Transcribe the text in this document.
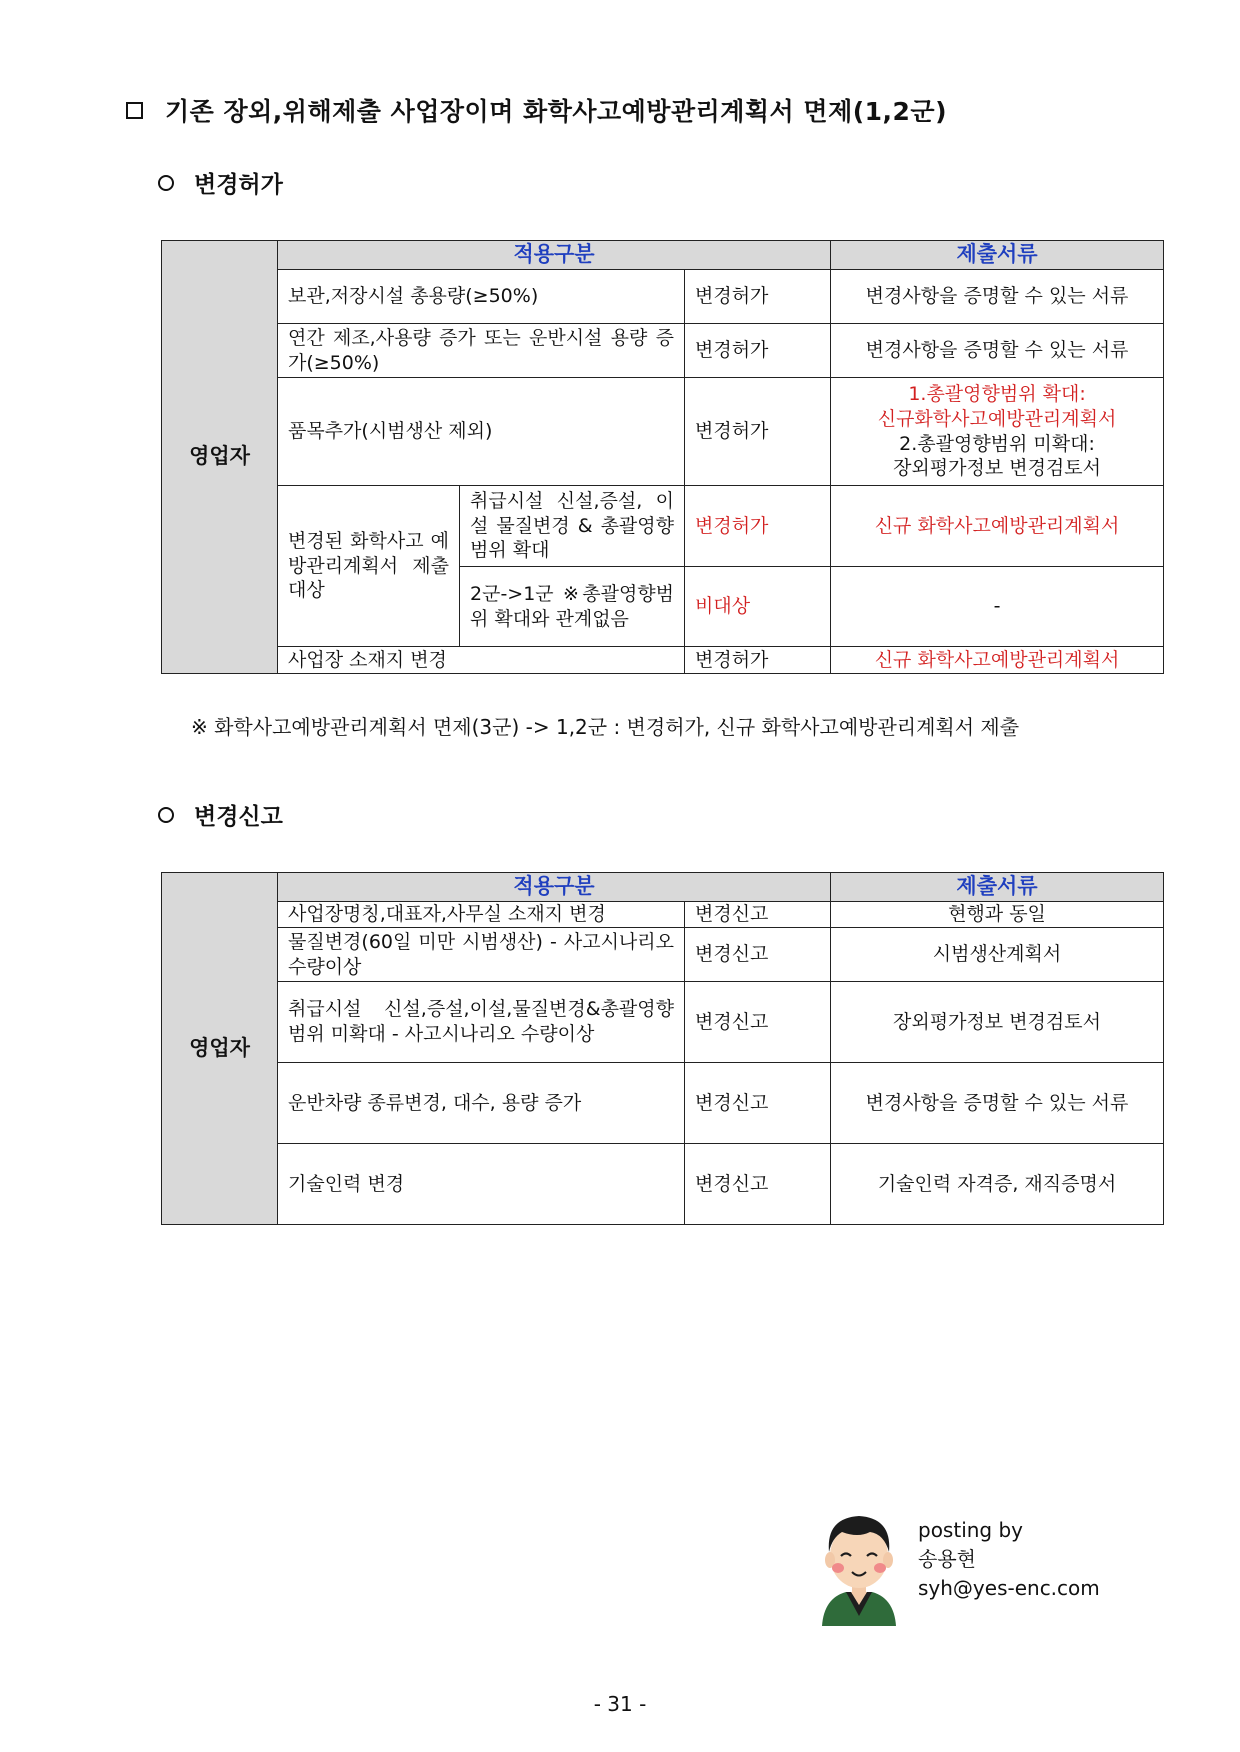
기존 장외,위해제출 사업장이며 화학사고예방관리계획서 면제(1,2군)
변경허가
영업자	적용구분			제출서류
	보관,저장시설 총용량(≥50%)		변경허가	변경사항을 증명할 수 있는 서류
	연간 제조,사용량 증가 또는 운반시설 용량 증가(≥50%)		변경허가	변경사항을 증명할 수 있는 서류
	품목추가(시범생산 제외)		변경허가	1.총괄영향범위 확대:
신규화학사고예방관리계획서
2.총괄영향범위 미확대:
장외평가정보 변경검토서

	변경된 화학사고 예방관리계획서 제출 대상	취급시설 신설,증설, 이설 물질변경 & 총괄영향범위 확대	변경허가	신규 화학사고예방관리계획서
		2군->1군 ※총괄영향범위 확대와 관계없음	비대상	-
	사업장 소재지 변경		변경허가	신규 화학사고예방관리계획서
※ 화학사고예방관리계획서 면제(3군) -> 1,2군 : 변경허가, 신규 화학사고예방관리계획서 제출
변경신고
영업자	적용구분		제출서류
	사업장명칭,대표자,사무실 소재지 변경	변경신고	현행과 동일
	물질변경(60일 미만 시범생산) - 사고시나리오 수량이상	변경신고	시범생산계획서
	취급시설 신설,증설,이설,물질변경&총괄영향범위 미확대 - 사고시나리오 수량이상	변경신고	장외평가정보 변경검토서
	운반차량 종류변경, 대수, 용량 증가	변경신고	변경사항을 증명할 수 있는 서류
	기술인력 변경	변경신고	기술인력 자격증, 재직증명서
posting by
송용현
syh@yes-enc.com
- 31 -
